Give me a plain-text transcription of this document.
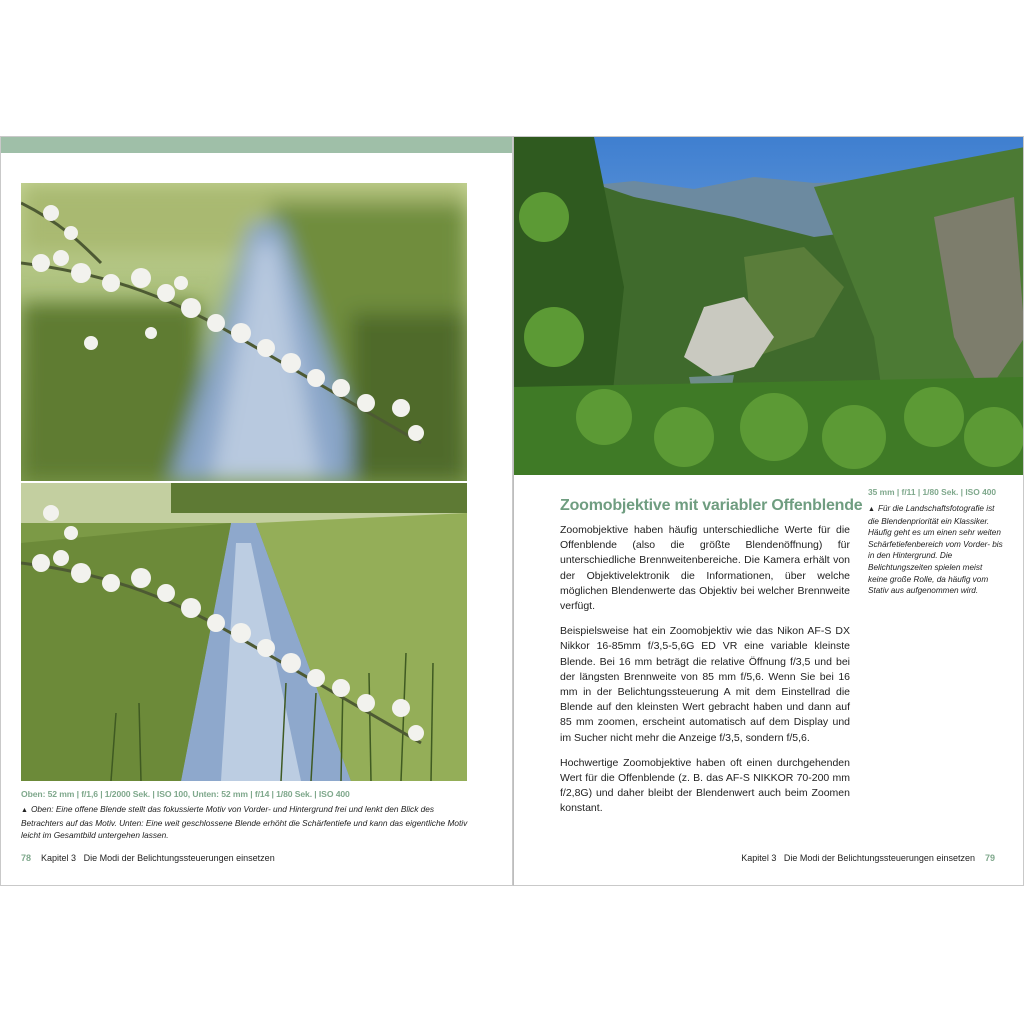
Oben: 52 mm | f/1,6 | 1/2000 Sek. | ISO 100, Unten: 52 mm | f/14 | 1/80 Sek. | ISO 400
▲ Oben: Eine offene Blende stellt das fokussierte Motiv von Vorder- und Hintergrund frei und lenkt den Blick des Betrachters auf das Motiv. Unten: Eine weit geschlossene Blende erhöht die Schärfentiefe und kann das eigentliche Motiv leicht im Gesamtbild untergehen lassen.
78 Kapitel 3 Die Modi der Belichtungssteuerungen einsetzen
Zoomobjektive mit variabler Offenblende

Zoomobjektive haben häufig unterschiedliche Werte für die Offenblende (also die größte Blendenöffnung) für unterschiedliche Brennweitenbereiche. Die Kamera erhält von der Objektivelektronik die Informationen, über welche möglichen Blendenwerte das Objektiv bei welcher Brennweite verfügt.

Beispielsweise hat ein Zoomobjektiv wie das Nikon AF-S DX Nikkor 16-85mm f/3,5-5,6G ED VR eine variable kleinste Blende. Bei 16 mm beträgt die relative Öffnung f/3,5 und bei der längsten Brennweite von 85 mm f/5,6. Wenn Sie bei 16 mm in der Belichtungssteuerung A mit dem Einstellrad die Blende auf den kleinsten Wert gebracht haben und dann auf 85 mm zoomen, erscheint automatisch auf dem Display und im Sucher nicht mehr die Anzeige f/3,5, sondern f/5,6.

Hochwertige Zoomobjektive haben oft einen durchgehenden Wert für die Offenblende (z. B. das AF-S NIKKOR 70-200 mm f/2,8G) und daher bleibt der Blendenwert auch beim Zoomen konstant.

35 mm | f/11 | 1/80 Sek. | ISO 400
▲ Für die Landschaftsfotografie ist die Blendenpriorität ein Klassiker. Häufig geht es um einen sehr weiten Schärfetiefenbereich vom Vorder- bis in den Hintergrund. Die Belichtungszeiten spielen meist keine große Rolle, da häufig vom Stativ aus aufgenommen wird.
Kapitel 3 Die Modi der Belichtungssteuerungen einsetzen 79
